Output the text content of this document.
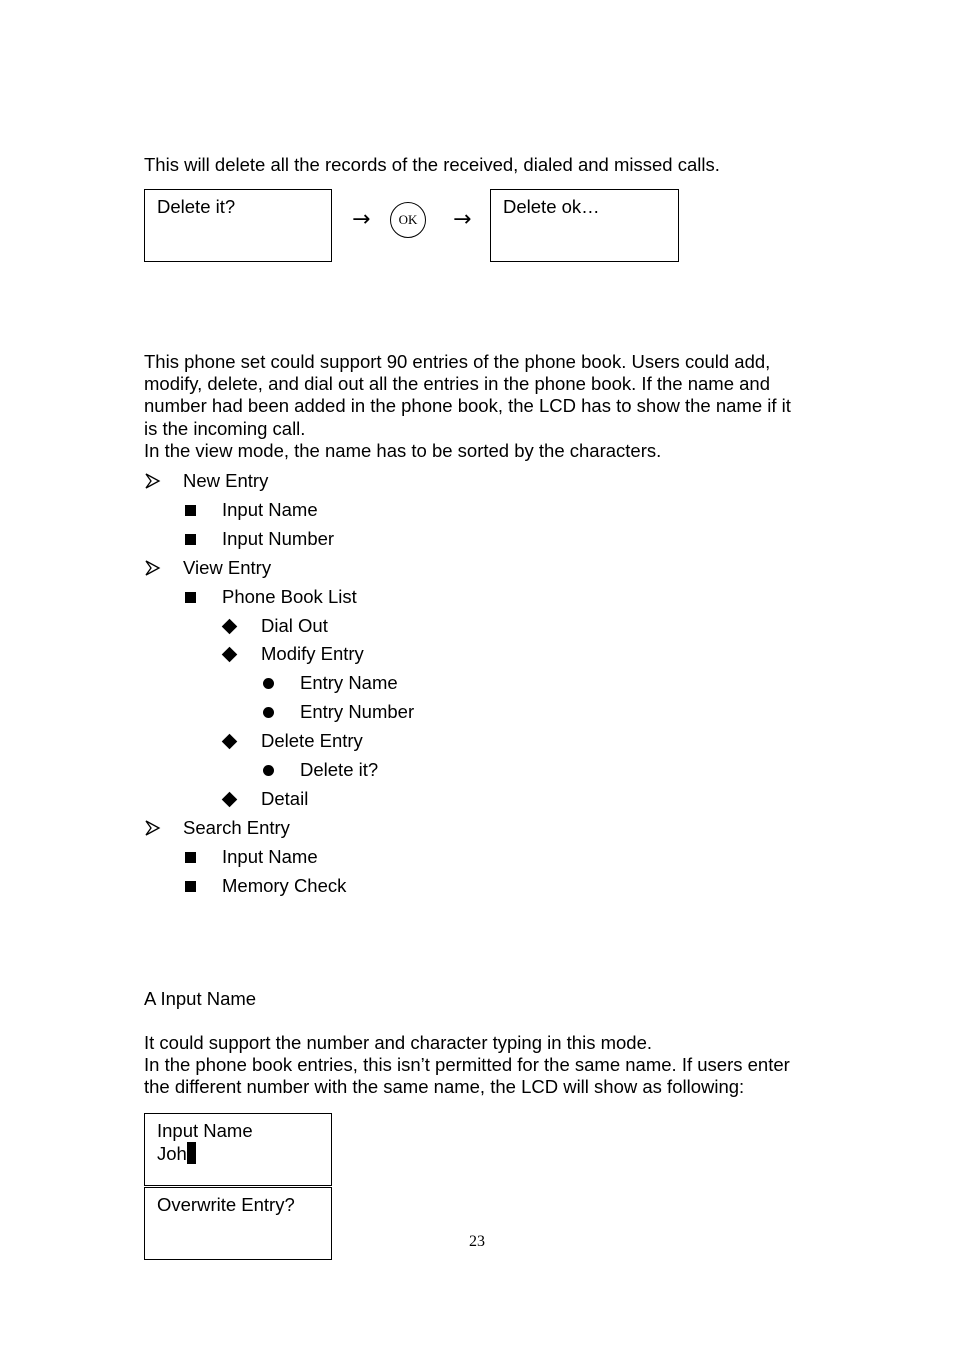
This will delete all the records of the received, dialed and missed calls.
Delete it?
→	OK	→
Delete ok…
This phone set could support 90 entries of the phone book. Users could add,
modify, delete, and dial out all the entries in the phone book. If the name and
number had been added in the phone book, the LCD has to show the name if it
is the incoming call.
In the view mode, the name has to be sorted by the characters.
New Entry
Input Name
Input Number
View Entry
Phone Book List
Dial Out
Modify Entry
Entry Name
Entry Number
Delete Entry
Delete it?
Detail
Search Entry
Input Name
Memory Check
A Input Name
It could support the number and character typing in this mode.
In the phone book entries, this isn’t permitted for the same name. If users enter
the different number with the same name, the LCD will show as following:
Input Name
Joh
Overwrite Entry?
23
